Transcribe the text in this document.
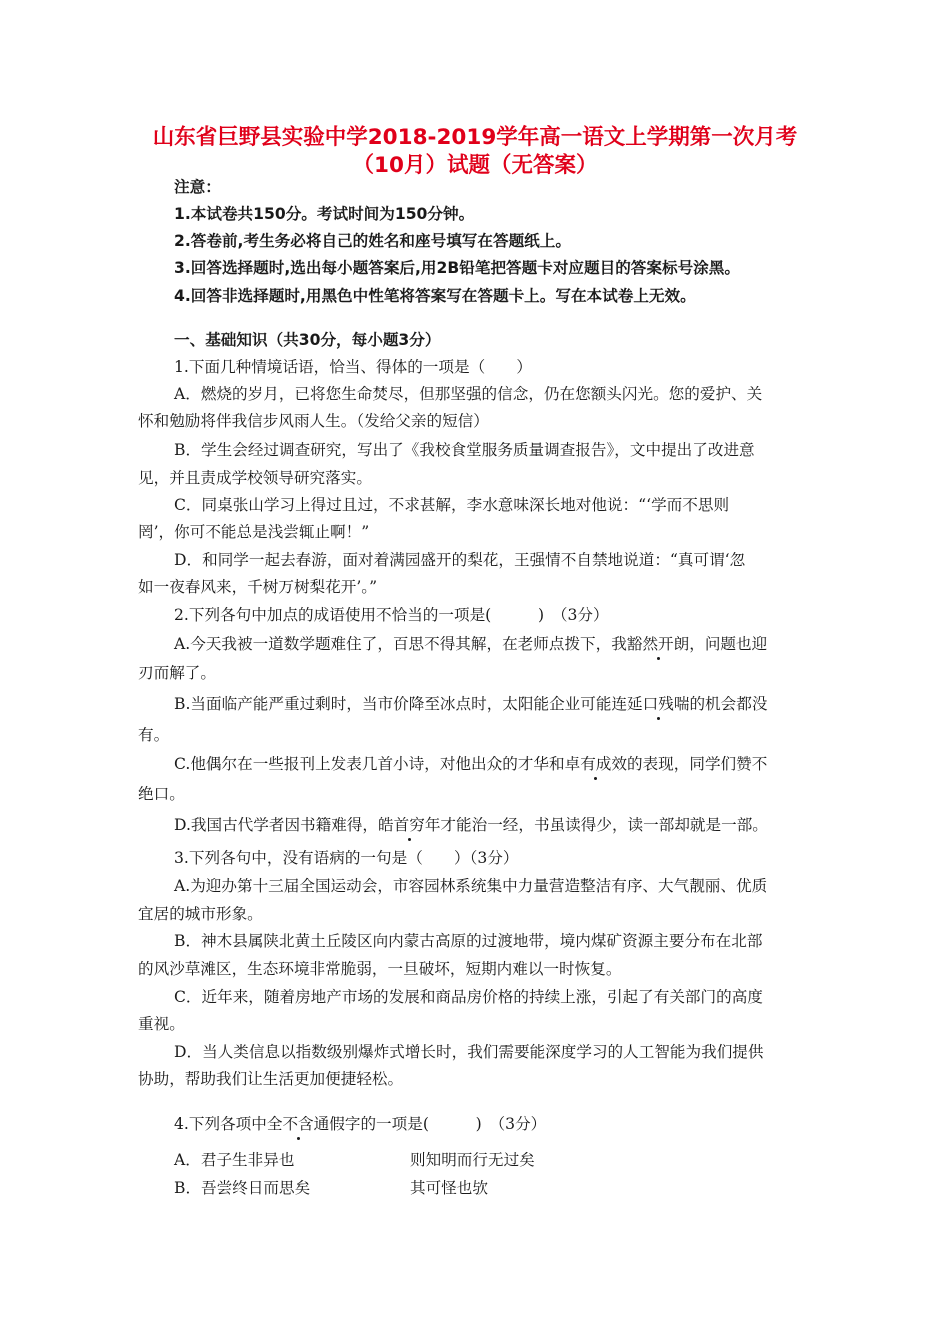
山东省巨野县实验中学2018-2019学年高一语文上学期第一次月考
（10月）试题（无答案）
注意：
1.本试卷共150分。考试时间为150分钟。
2.答卷前,考生务必将自己的姓名和座号填写在答题纸上。
3.回答选择题时,选出每小题答案后,用2B铅笔把答题卡对应题目的答案标号涂黑。
4.回答非选择题时,用黑色中性笔将答案写在答题卡上。写在本试卷上无效。
一、基础知识（共30分，每小题3分）
1.下面几种情境话语，恰当、得体的一项是（　　）
A．燃烧的岁月，已将您生命焚尽，但那坚强的信念，仍在您额头闪光。您的爱护、关
怀和勉励将伴我信步风雨人生。（发给父亲的短信）
B．学生会经过调查研究，写出了《我校食堂服务质量调查报告》，文中提出了改进意
见，并且责成学校领导研究落实。
C．同桌张山学习上得过且过，不求甚解，李水意味深长地对他说：“‘学而不思则
罔’，你可不能总是浅尝辄止啊！”
D．和同学一起去春游，面对着满园盛开的梨花，王强情不自禁地说道：“真可谓‘忽
如一夜春风来，千树万树梨花开’。”
2.下列各句中加点的成语使用不恰当的一项是(　　　)　（3分）
A.今天我被一道数学题难住了，百思不得其解，在老师点拨下，我豁然开朗，问题也迎
刃而解了。
B.当面临产能严重过剩时，当市价降至冰点时，太阳能企业可能连延口残喘的机会都没
有。
C.他偶尔在一些报刊上发表几首小诗，对他出众的才华和卓有成效的表现，同学们赞不
绝口。
D.我国古代学者因书籍难得，皓首穷年才能治一经，书虽读得少，读一部却就是一部。
3.下列各句中，没有语病的一句是（　　）（3分）
A.为迎办第十三届全国运动会，市容园林系统集中力量营造整洁有序、大气靓丽、优质
宜居的城市形象。
B．神木县属陕北黄土丘陵区向内蒙古高原的过渡地带，境内煤矿资源主要分布在北部
的风沙草滩区，生态环境非常脆弱，一旦破坏，短期内难以一时恢复。
C．近年来，随着房地产市场的发展和商品房价格的持续上涨，引起了有关部门的高度
重视。
D．当人类信息以指数级别爆炸式增长时，我们需要能深度学习的人工智能为我们提供
协助，帮助我们让生活更加便捷轻松。
4.下列各项中全不含通假字的一项是(　　　)　（3分）
A．君子生非异也	则知明而行无过矣
B．吾尝终日而思矣	其可怪也欤
